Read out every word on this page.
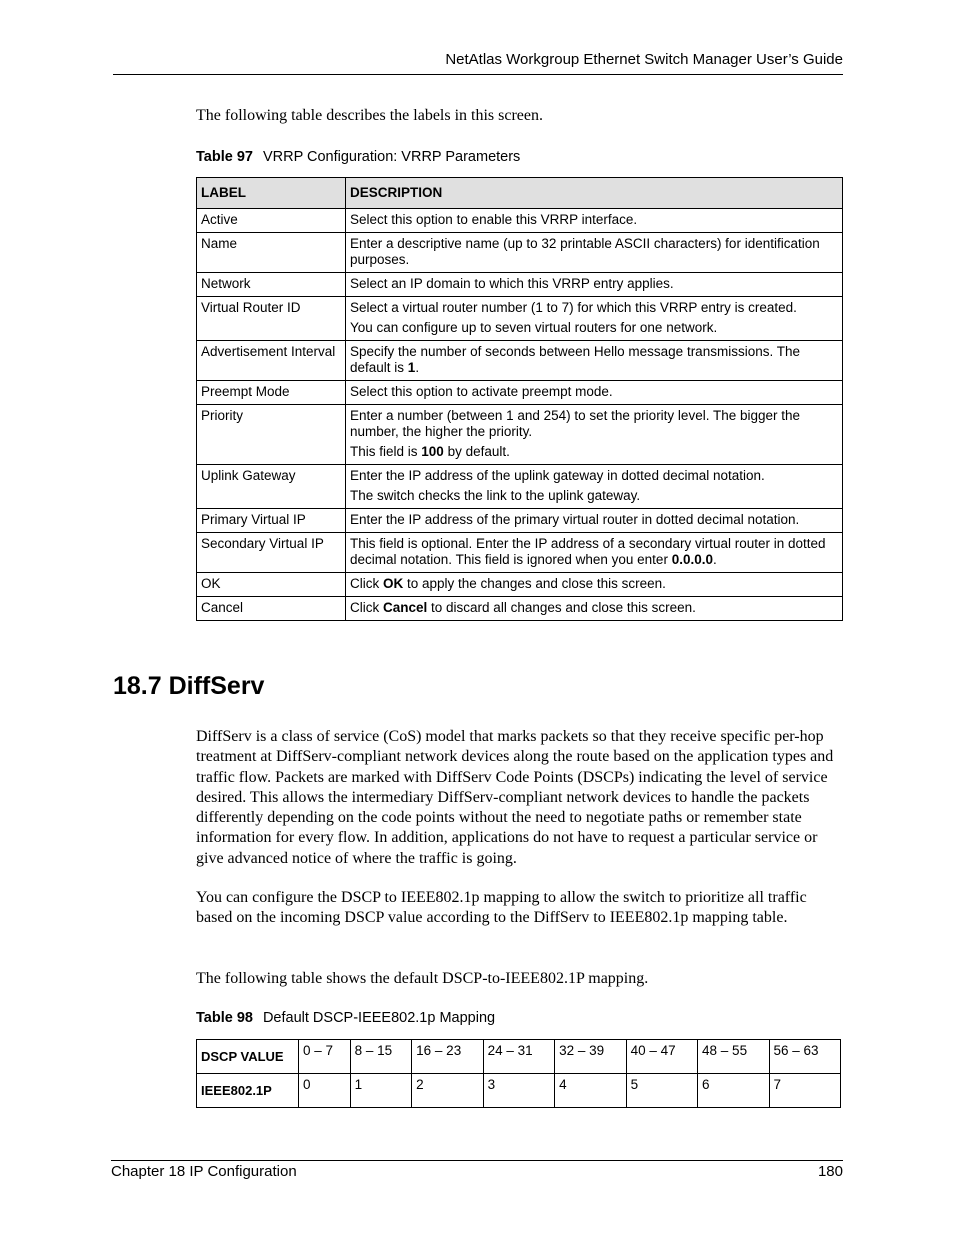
NetAtlas Workgroup Ethernet Switch Manager User’s Guide
The following table describes the labels in this screen.
Table 97 VRRP Configuration: VRRP Parameters
LABEL	DESCRIPTION
Active	Select this option to enable this VRRP interface.

Name	Enter a descriptive name (up to 32 printable ASCII characters) for identification purposes.

Network	Select an IP domain to which this VRRP entry applies.

Virtual Router ID	Select a virtual router number (1 to 7) for which this VRRP entry is created.

You can configure up to seven virtual routers for one network.

Advertisement Interval	Specify the number of seconds between Hello message transmissions. The default is 1.

Preempt Mode	Select this option to activate preempt mode.

Priority	Enter a number (between 1 and 254) to set the priority level. The bigger the number, the higher the priority.

This field is 100 by default.

Uplink Gateway	Enter the IP address of the uplink gateway in dotted decimal notation.

The switch checks the link to the uplink gateway.

Primary Virtual IP	Enter the IP address of the primary virtual router in dotted decimal notation.

Secondary Virtual IP	This field is optional. Enter the IP address of a secondary virtual router in dotted decimal notation. This field is ignored when you enter 0.0.0.0.

OK	Click OK to apply the changes and close this screen.

Cancel	Click Cancel to discard all changes and close this screen.

18.7 DiffServ

DiffServ is a class of service (CoS) model that marks packets so that they receive specific per-hop treatment at DiffServ-compliant network devices along the route based on the application types and traffic flow. Packets are marked with DiffServ Code Points (DSCPs) indicating the level of service desired. This allows the intermediary DiffServ-compliant network devices to handle the packets differently depending on the code points without the need to negotiate paths or remember state information for every flow. In addition, applications do not have to request a particular service or give advanced notice of where the traffic is going.

You can configure the DSCP to IEEE802.1p mapping to allow the switch to prioritize all traffic based on the incoming DSCP value according to the DiffServ to IEEE802.1p mapping table.

The following table shows the default DSCP-to-IEEE802.1P mapping.

Table 98 Default DSCP-IEEE802.1p Mapping
DSCP VALUE	0 – 7	8 – 15	16 – 23	24 – 31	32 – 39	40 – 47	48 – 55	56 – 63
IEEE802.1P	0	1	2	3	4	5	6	7
Chapter 18 IP Configuration	180
